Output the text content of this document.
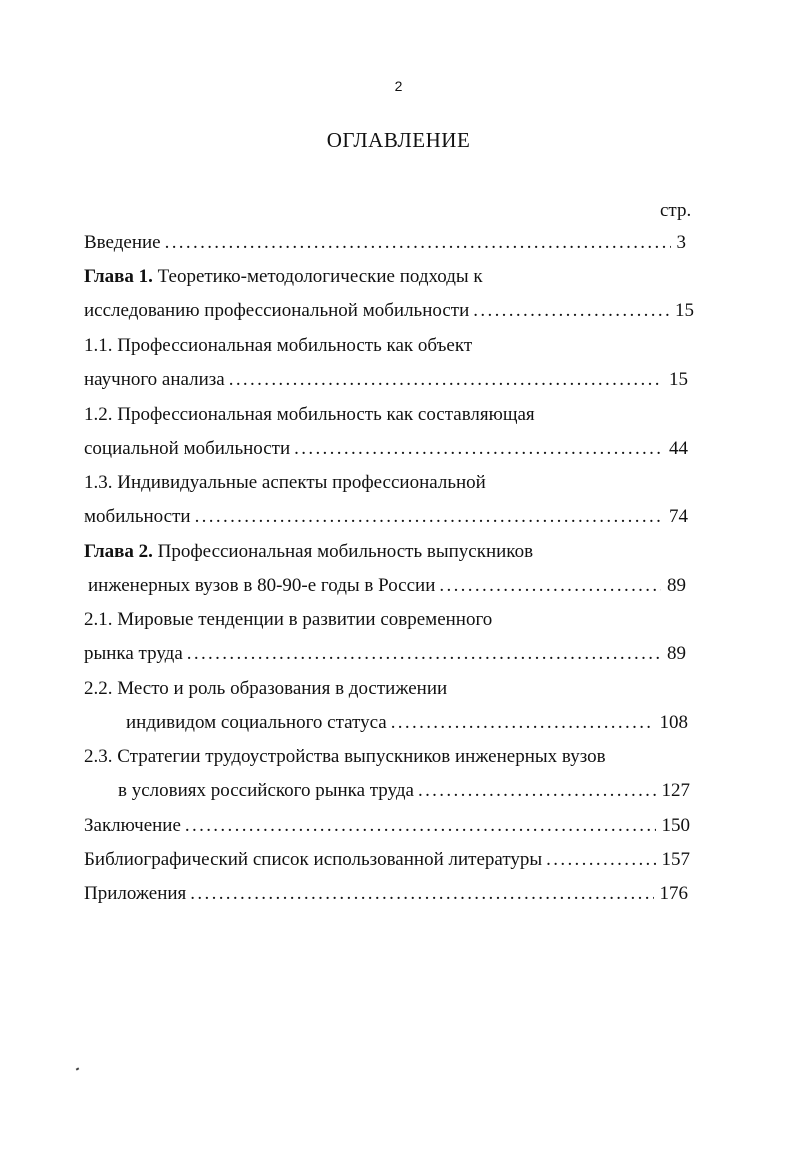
2
ОГЛАВЛЕНИЕ
стр.
Введение . . .	3
Глава 1. Теоретико-методологические подходы к
исследованию профессиональной мобильности . . .	15
1.1. Профессиональная мобильность как объект
научного анализа . . .	15
1.2. Профессиональная мобильность как составляющая
социальной мобильности . . .	44
1.3. Индивидуальные аспекты профессиональной
мобильности . . .	74
Глава 2. Профессиональная мобильность выпускников
инженерных вузов в 80-90-е годы в России . . .	89
2.1. Мировые тенденции в развитии современного
рынка труда . . .	89
2.2. Место и роль образования в достижении
индивидом социального статуса . . .	108
2.3. Стратегии трудоустройства выпускников инженерных вузов
в условиях российского рынка труда . . .	127
Заключение . . .	150
Библиографический список использованной литературы . . .	157
Приложения . . .	176
